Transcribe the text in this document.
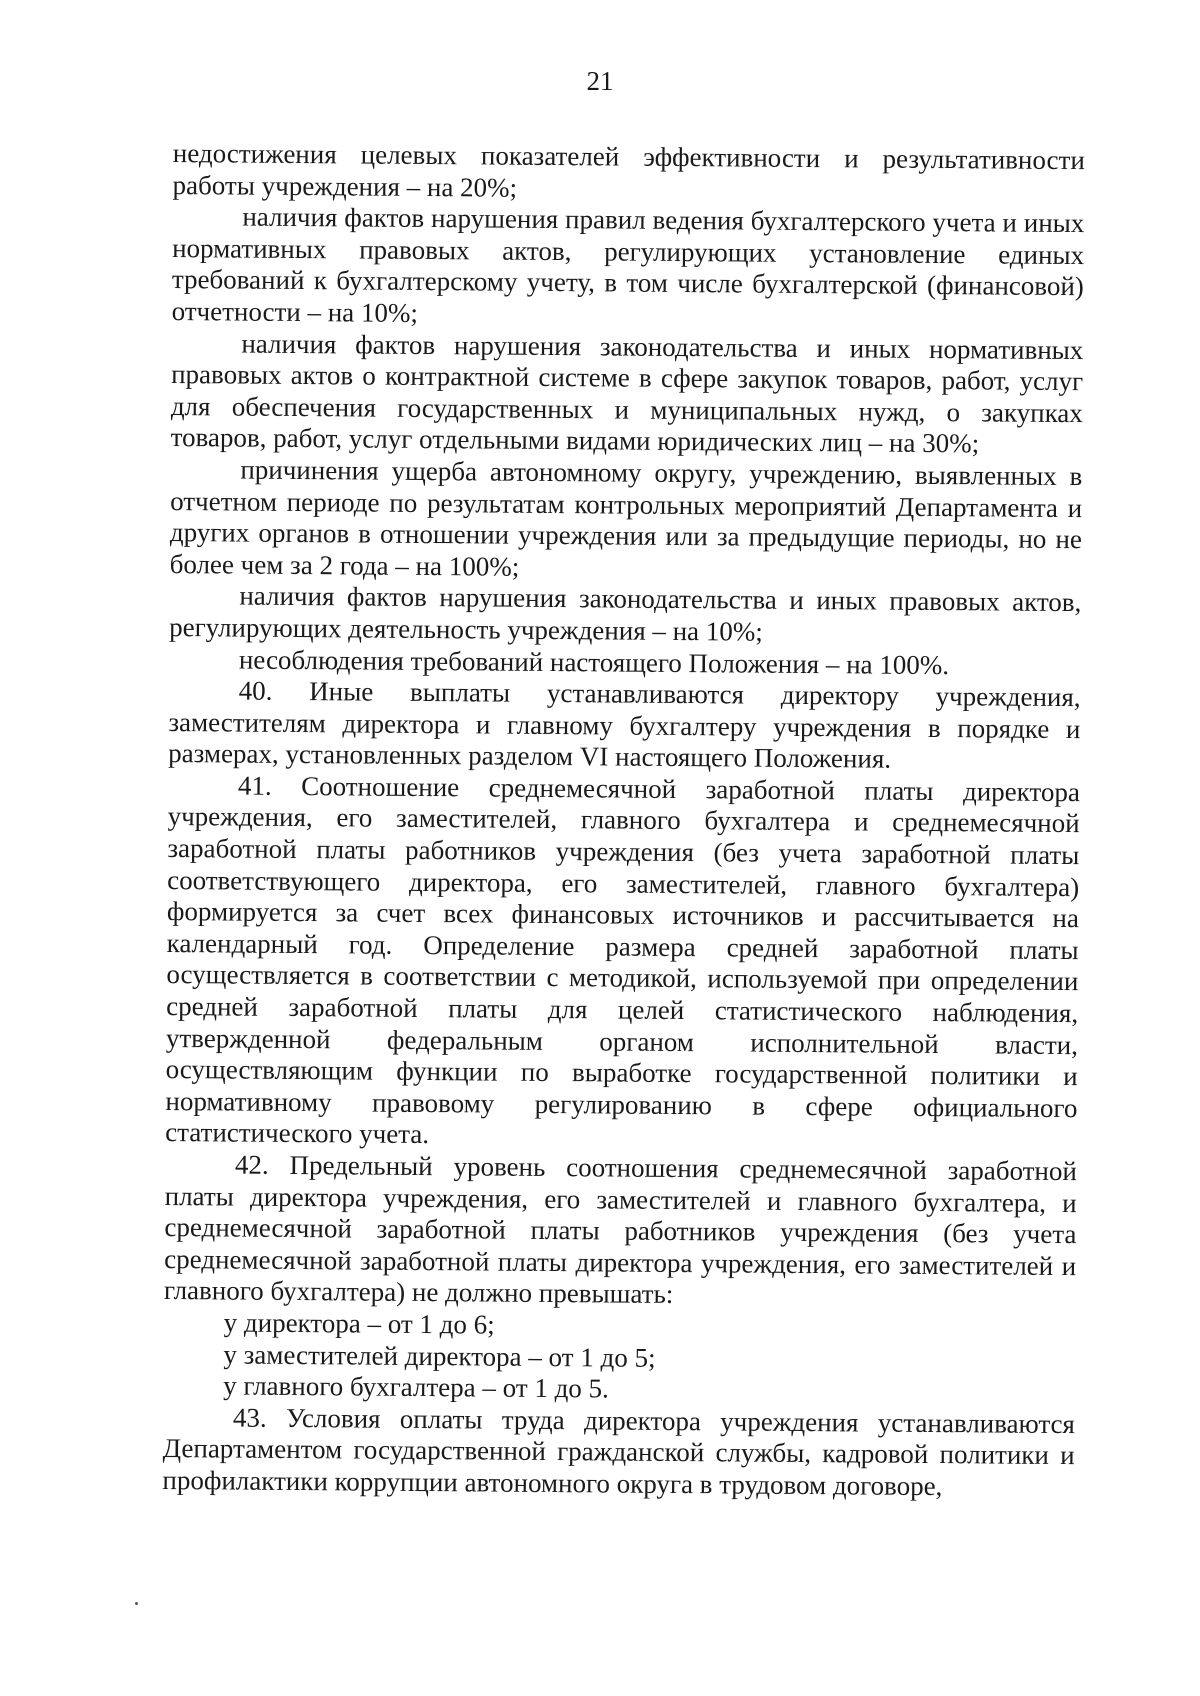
21

недостижения целевых показателей эффективности и результативности работы учреждения – на 20%;

наличия фактов нарушения правил ведения бухгалтерского учета и иных нормативных правовых актов, регулирующих установление единых требований к бухгалтерскому учету, в том числе бухгалтерской (финансовой) отчетности – на 10%;

наличия фактов нарушения законодательства и иных нормативных правовых актов о контрактной системе в сфере закупок товаров, работ, услуг для обеспечения государственных и муниципальных нужд, о закупках товаров, работ, услуг отдельными видами юридических лиц – на 30%;

причинения ущерба автономному округу, учреждению, выявленных в отчетном периоде по результатам контрольных мероприятий Департамента и других органов в отношении учреждения или за предыдущие периоды, но не более чем за 2 года – на 100%;

наличия фактов нарушения законодательства и иных правовых актов, регулирующих деятельность учреждения – на 10%;

несоблюдения требований настоящего Положения – на 100%.

40. Иные выплаты устанавливаются директору учреждения, заместителям директора и главному бухгалтеру учреждения в порядке и размерах, установленных разделом VI настоящего Положения.

41. Соотношение среднемесячной заработной платы директора учреждения, его заместителей, главного бухгалтера и среднемесячной заработной платы работников учреждения (без учета заработной платы соответствующего директора, его заместителей, главного бухгалтера) формируется за счет всех финансовых источников и рассчитывается на календарный год. Определение размера средней заработной платы осуществляется в соответствии с методикой, используемой при определении средней заработной платы для целей статистического наблюдения, утвержденной федеральным органом исполнительной власти, осуществляющим функции по выработке государственной политики и нормативному правовому регулированию в сфере официального статистического учета.

42. Предельный уровень соотношения среднемесячной заработной платы директора учреждения, его заместителей и главного бухгалтера, и среднемесячной заработной платы работников учреждения (без учета среднемесячной заработной платы директора учреждения, его заместителей и главного бухгалтера) не должно превышать:

у директора – от 1 до 6;

у заместителей директора – от 1 до 5;

у главного бухгалтера – от 1 до 5.

43. Условия оплаты труда директора учреждения устанавливаются Департаментом государственной гражданской службы, кадровой политики и профилактики коррупции автономного округа в трудовом договоре,
